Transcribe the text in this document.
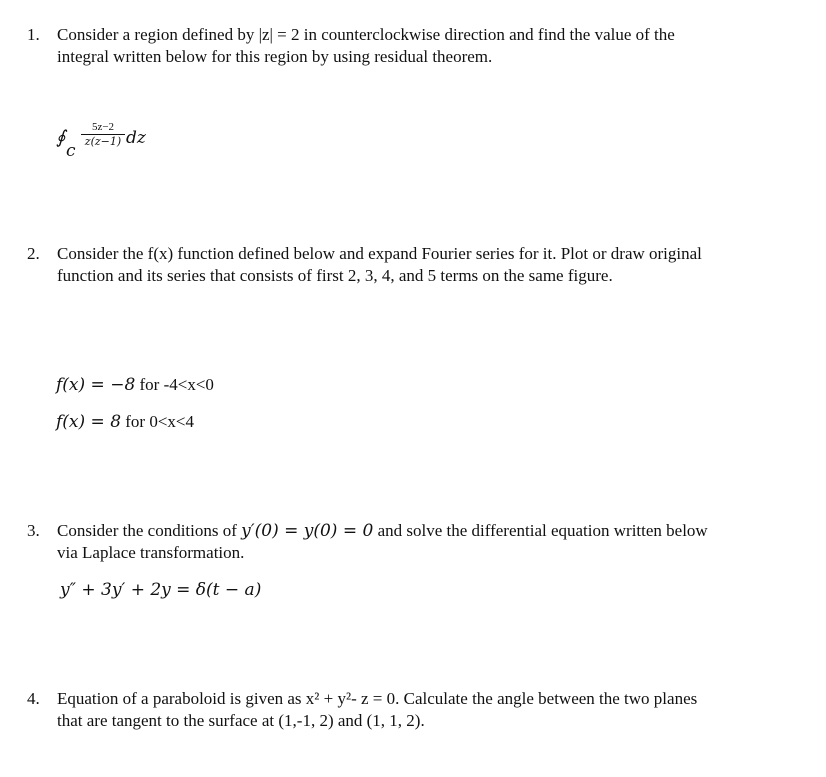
1. Consider a region defined by |z| = 2 in counterclockwise direction and find the value of the
integral written below for this region by using residual theorem.
∮
c
5z−2
z(z−1) dz
2. Consider the f(x) function defined below and expand Fourier series for it. Plot or draw original
function and its series that consists of first 2, 3, 4, and 5 terms on the same figure.
f(x) = −8 for -4<x<0
f(x) = 8 for 0<x<4
3. Consider the conditions of y′(0) = y(0) = 0 and solve the differential equation written below
via Laplace transformation.
y″ + 3y′ + 2y = δ(t − a)
4. Equation of a paraboloid is given as x² + y²- z = 0. Calculate the angle between the two planes
that are tangent to the surface at (1,-1, 2) and (1, 1, 2).
